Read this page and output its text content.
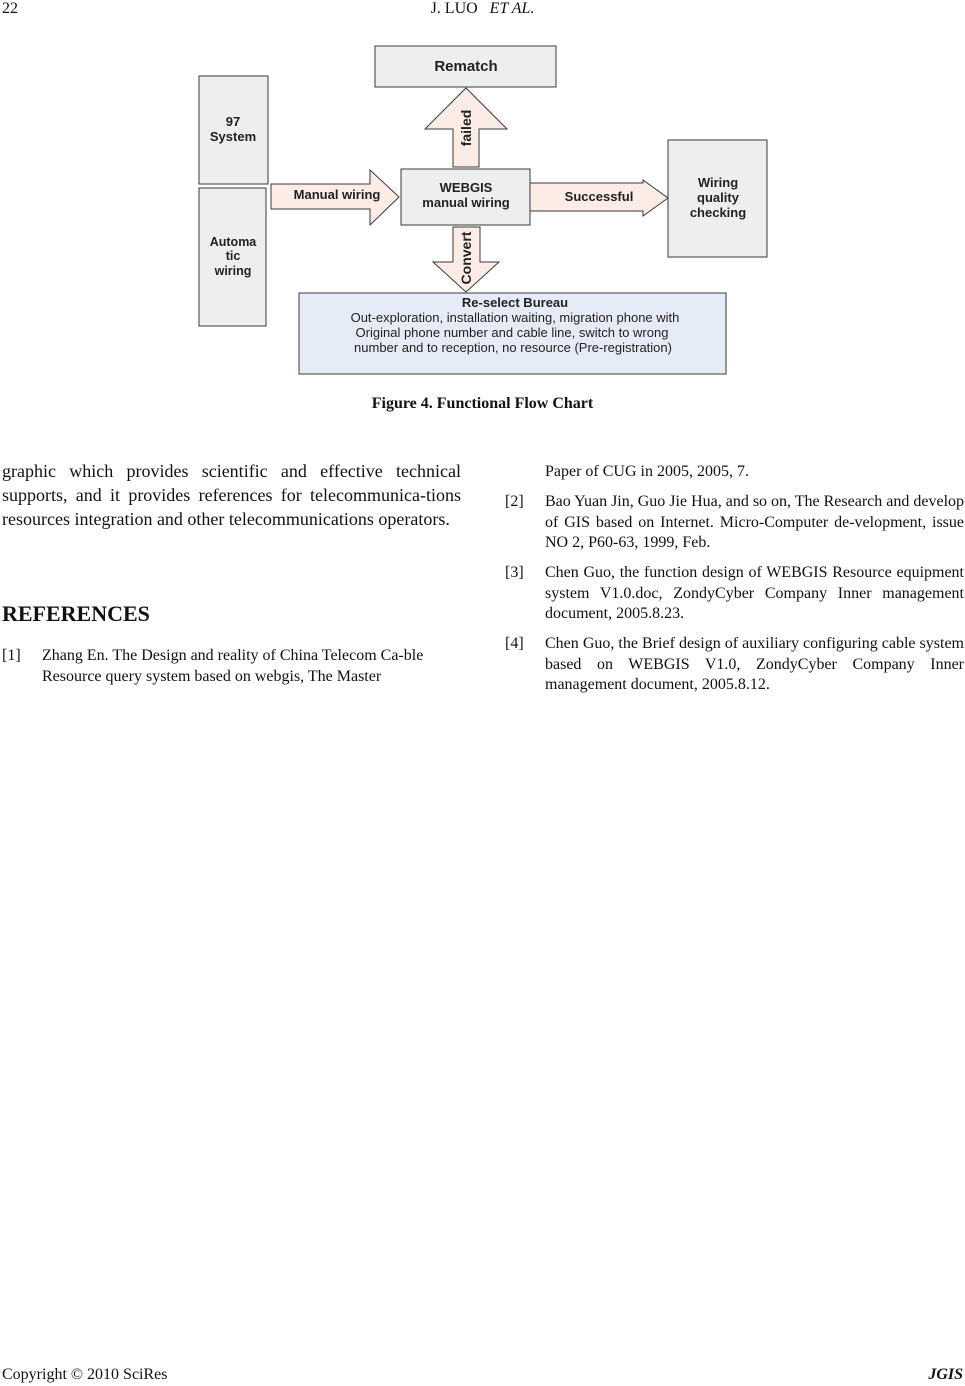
22	J. LUO ET AL.
Rematch
97
System
Automa
tic
wiring
Manual wiring	WEBGIS
manual wiring
failed
Successful
Wiring
quality
checking
Convert
Re-select Bureau
Out-exploration, installation waiting, migration phone with
Original phone number and cable line, switch to wrong
number and to reception, no resource (Pre-registration)
Figure 4. Functional Flow Chart
graphic which provides scientific and effective technical supports, and it provides references for telecommunica-tions resources integration and other telecommunications operators.
REFERENCES
[1] Zhang En. The Design and reality of China Telecom Ca-ble Resource query system based on webgis, The Master
Paper of CUG in 2005, 2005, 7.
[2] Bao Yuan Jin, Guo Jie Hua, and so on, The Research and develop of GIS based on Internet. Micro-Computer de-velopment, issue NO 2, P60-63, 1999, Feb.
[3] Chen Guo, the function design of WEBGIS Resource equipment system V1.0.doc, ZondyCyber Company Inner management document, 2005.8.23.
[4] Chen Guo, the Brief design of auxiliary configuring cable system based on WEBGIS V1.0, ZondyCyber Company Inner management document, 2005.8.12.
Copyright © 2010 SciRes	JGIS
